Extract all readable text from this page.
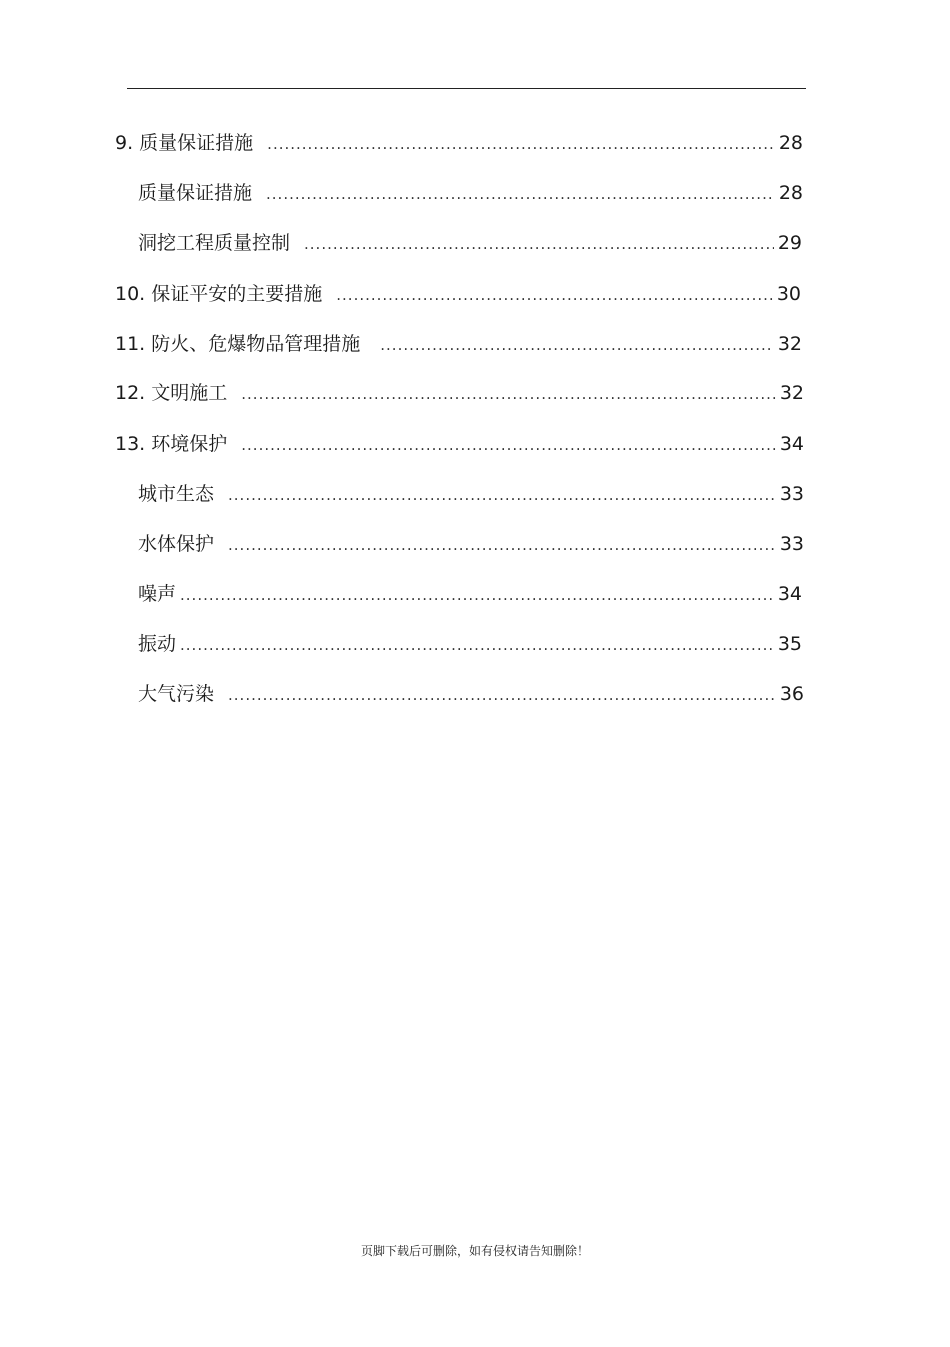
9. 质量保证措施 .....	28
质量保证措施 .....	28
洞挖工程质量控制 .....	29
10. 保证平安的主要措施 .....	30
11. 防火、危爆物品管理措施 .....	32
12. 文明施工 .....	32
13. 环境保护 .....	34
城市生态 .....	33
水体保护 .....	33
噪声 .....	34
振动 .....	35
大气污染 .....	36
页脚下载后可删除，如有侵权请告知删除！
